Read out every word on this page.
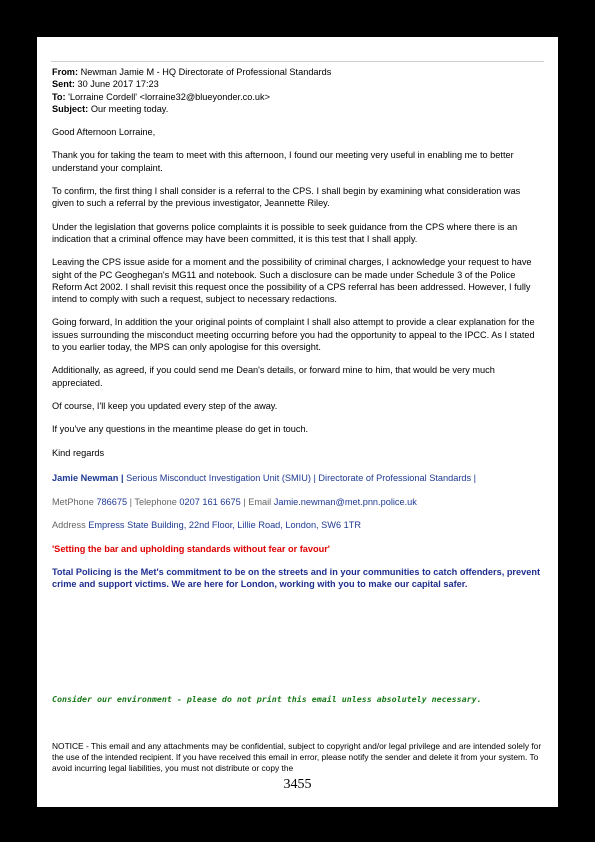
From: Newman Jamie M - HQ Directorate of Professional Standards

Sent: 30 June 2017 17:23

To: 'Lorraine Cordell' <lorraine32@blueyonder.co.uk>

Subject: Our meeting today.

Good Afternoon Lorraine,

Thank you for taking the team to meet with this afternoon, I found our meeting very useful in enabling me to better understand your complaint.

To confirm, the first thing I shall consider is a referral to the CPS. I shall begin by examining what consideration was given to such a referral by the previous investigator, Jeannette Riley.

Under the legislation that governs police complaints it is possible to seek guidance from the CPS where there is an indication that a criminal offence may have been committed, it is this test that I shall apply.

Leaving the CPS issue aside for a moment and the possibility of criminal charges, I acknowledge your request to have sight of the PC Geoghegan's MG11 and notebook. Such a disclosure can be made under Schedule 3 of the Police Reform Act 2002. I shall revisit this request once the possibility of a CPS referral has been addressed. However, I fully intend to comply with such a request, subject to necessary redactions.

Going forward, In addition the your original points of complaint I shall also attempt to provide a clear explanation for the issues surrounding the misconduct meeting occurring before you had the opportunity to appeal to the IPCC. As I stated to you earlier today, the MPS can only apologise for this oversight.

Additionally, as agreed, if you could send me Dean's details, or forward mine to him, that would be very much appreciated.

Of course, I'll keep you updated every step of the away.

If you've any questions in the meantime please do get in touch.

Kind regards

Jamie Newman | Serious Misconduct Investigation Unit (SMIU) | Directorate of Professional Standards |

MetPhone 786675 | Telephone 0207 161 6675 | Email Jamie.newman@met.pnn.police.uk

Address Empress State Building, 22nd Floor, Lillie Road, London, SW6 1TR

'Setting the bar and upholding standards without fear or favour'

Total Policing is the Met's commitment to be on the streets and in your communities to catch offenders, prevent crime and support victims. We are here for London, working with you to make our capital safer.

Consider our environment - please do not print this email unless absolutely necessary.
NOTICE - This email and any attachments may be confidential, subject to copyright and/or legal privilege and are intended solely for the use of the intended recipient. If you have received this email in error, please notify the sender and delete it from your system. To avoid incurring legal liabilities, you must not distribute or copy the
3455
